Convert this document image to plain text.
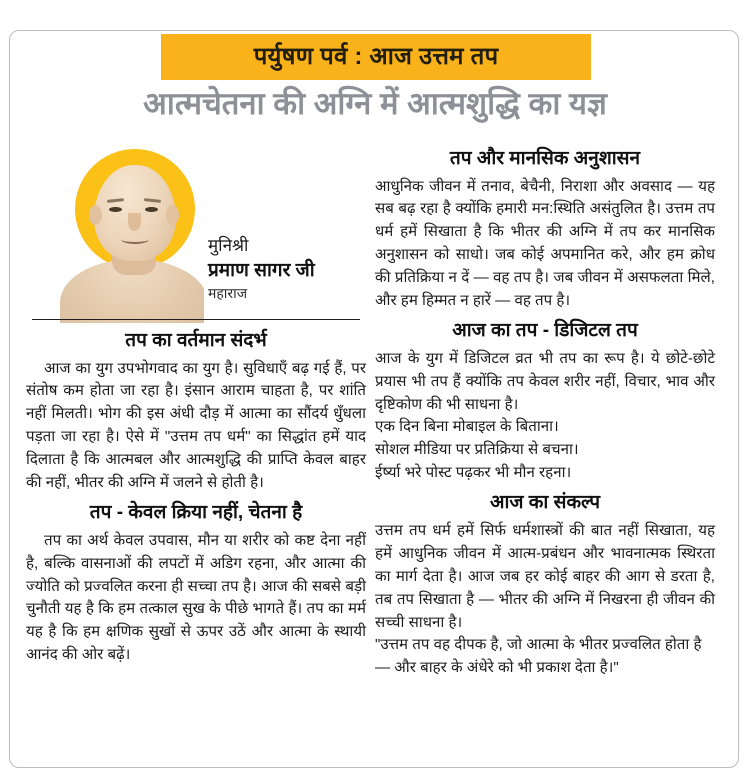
पर्युषण पर्व : आज उत्तम तप
आत्मचेतना की अग्नि में आत्मशुद्धि का यज्ञ
मुनिश्री
प्रमाण सागर जी
महाराज
तप का वर्तमान संदर्भ

आज का युग उपभोगवाद का युग है। सुविधाएँ बढ़ गई हैं, पर संतोष कम होता जा रहा है। इंसान आराम चाहता है, पर शांति नहीं मिलती। भोग की इस अंधी दौड़ में आत्मा का सौंदर्य धुँधला पड़ता जा रहा है। ऐसे में "उत्तम तप धर्म" का सिद्धांत हमें याद दिलाता है कि आत्मबल और आत्मशुद्धि की प्राप्ति केवल बाहर की नहीं, भीतर की अग्नि में जलने से होती है।

तप - केवल क्रिया नहीं, चेतना है

तप का अर्थ केवल उपवास, मौन या शरीर को कष्ट देना नहीं है, बल्कि वासनाओं की लपटों में अडिग रहना, और आत्मा की ज्योति को प्रज्वलित करना ही सच्चा तप है। आज की सबसे बड़ी चुनौती यह है कि हम तत्काल सुख के पीछे भागते हैं। तप का मर्म यह है कि हम क्षणिक सुखों से ऊपर उठें और आत्मा के स्थायी आनंद की ओर बढ़ें।

तप और मानसिक अनुशासन

आधुनिक जीवन में तनाव, बेचैनी, निराशा और अवसाद — यह सब बढ़ रहा है क्योंकि हमारी मन:स्थिति असंतुलित है। उत्तम तप धर्म हमें सिखाता है कि भीतर की अग्नि में तप कर मानसिक अनुशासन को साधो। जब कोई अपमानित करे, और हम क्रोध की प्रतिक्रिया न दें — वह तप है। जब जीवन में असफलता मिले, और हम हिम्मत न हारें — वह तप है।

आज का तप - डिजिटल तप

आज के युग में डिजिटल व्रत भी तप का रूप है। ये छोटे-छोटे प्रयास भी तप हैं क्योंकि तप केवल शरीर नहीं, विचार, भाव और दृष्टिकोण की भी साधना है।

एक दिन बिना मोबाइल के बिताना।
सोशल मीडिया पर प्रतिक्रिया से बचना।
ईर्ष्या भरे पोस्ट पढ़कर भी मौन रहना।
आज का संकल्प

उत्तम तप धर्म हमें सिर्फ धर्मशास्त्रों की बात नहीं सिखाता, यह हमें आधुनिक जीवन में आत्म-प्रबंधन और भावनात्मक स्थिरता का मार्ग देता है। आज जब हर कोई बाहर की आग से डरता है, तब तप सिखाता है — भीतर की अग्नि में निखरना ही जीवन की सच्ची साधना है।

"उत्तम तप वह दीपक है, जो आत्मा के भीतर प्रज्वलित होता है — और बाहर के अंधेरे को भी प्रकाश देता है।"
